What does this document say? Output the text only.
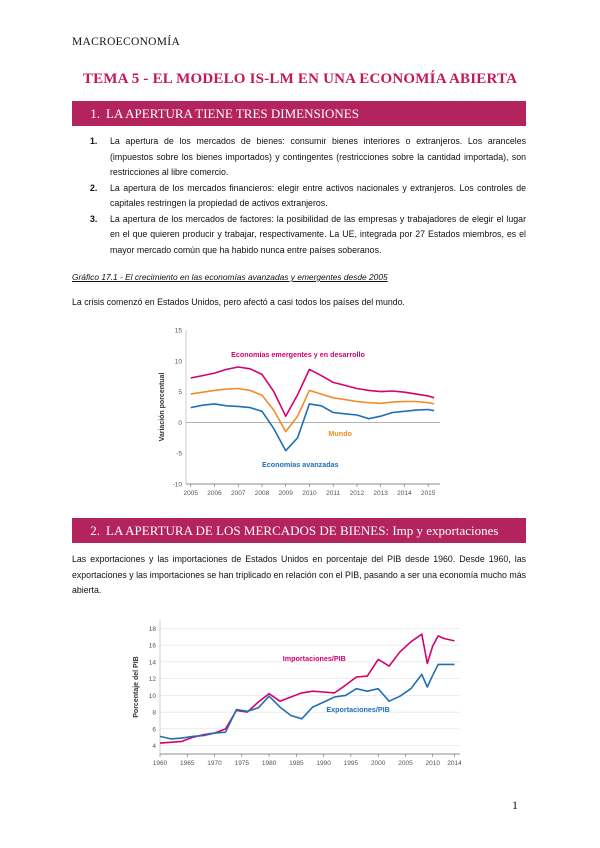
MACROECONOMÍA
TEMA 5 - EL MODELO IS-LM EN UNA ECONOMÍA ABIERTA
1. LA APERTURA TIENE TRES DIMENSIONES
1. La apertura de los mercados de bienes: consumir bienes interiores o extranjeros. Los aranceles (impuestos sobre los bienes importados) y contingentes (restricciones sobre la cantidad importada), son restricciones al libre comercio.
2. La apertura de los mercados financieros: elegir entre activos nacionales y extranjeros. Los controles de capitales restringen la propiedad de activos extranjeros.
3. La apertura de los mercados de factores: la posibilidad de las empresas y trabajadores de elegir el lugar en el que quieren producir y trabajar, respectivamente. La UE, integrada por 27 Estados miembros, es el mayor mercado común que ha habido nunca entre países soberanos.
Gráfico 17.1 - El crecimiento en las economías avanzadas y emergentes desde 2005
La crisis comenzó en Estados Unidos, pero afectó a casi todos los países del mundo.
15
10
5
0
-5
-10
2005 2006 2007 2008 2009 2010 2011 2012 2013 2014 2015
Variación porcentual
Economías emergentes y en desarrollo
Mundo
Economías avanzadas
2. LA APERTURA DE LOS MERCADOS DE BIENES: Imp y exportaciones
Las exportaciones y las importaciones de Estados Unidos en porcentaje del PIB desde 1960. Desde 1960, las exportaciones y las importaciones se han triplicado en relación con el PIB, pasando a ser una economía mucho más abierta.
18
16
14
12
10
8
6
4
1960 1965 1970 1975 1980 1985 1990 1995 2000 2005 2010 2014
Porcentaje del PIB	Importaciones/PIB
Exportaciones/PIB
1
